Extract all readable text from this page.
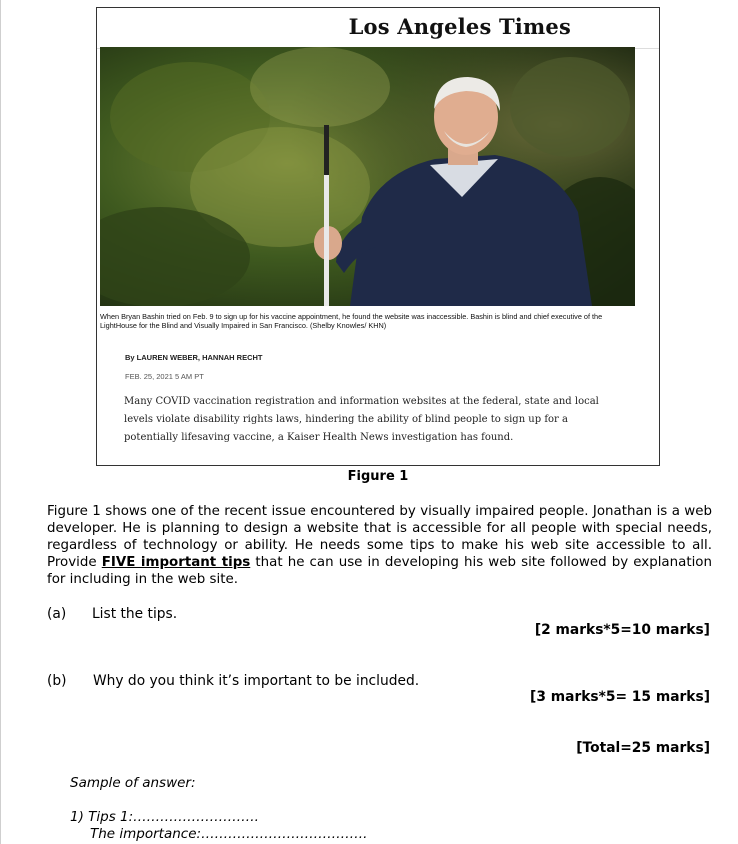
Los Angeles Times
When Bryan Bashin tried on Feb. 9 to sign up for his vaccine appointment, he found the website was inaccessible. Bashin is blind and chief executive of the LightHouse for the Blind and Visually Impaired in San Francisco. (Shelby Knowles/ KHN)
By LAUREN WEBER, HANNAH RECHT
FEB. 25, 2021 5 AM PT
Many COVID vaccination registration and information websites at the federal, state and local levels violate disability rights laws, hindering the ability of blind people to sign up for a potentially lifesaving vaccine, a Kaiser Health News investigation has found.
Figure 1
Figure 1 shows one of the recent issue encountered by visually impaired people. Jonathan is a web developer. He is planning to design a website that is accessible for all people with special needs, regardless of technology or ability. He needs some tips to make his web site accessible to all. Provide FIVE important tips that he can use in developing his web site followed by explanation for including in the web site.
(a) List the tips.
[2 marks*5=10 marks]
(b) Why do you think it’s important to be included.
[3 marks*5= 15 marks]
[Total=25 marks]
Sample of answer:
1) Tips 1:……………………….
The importance:……………………………….
